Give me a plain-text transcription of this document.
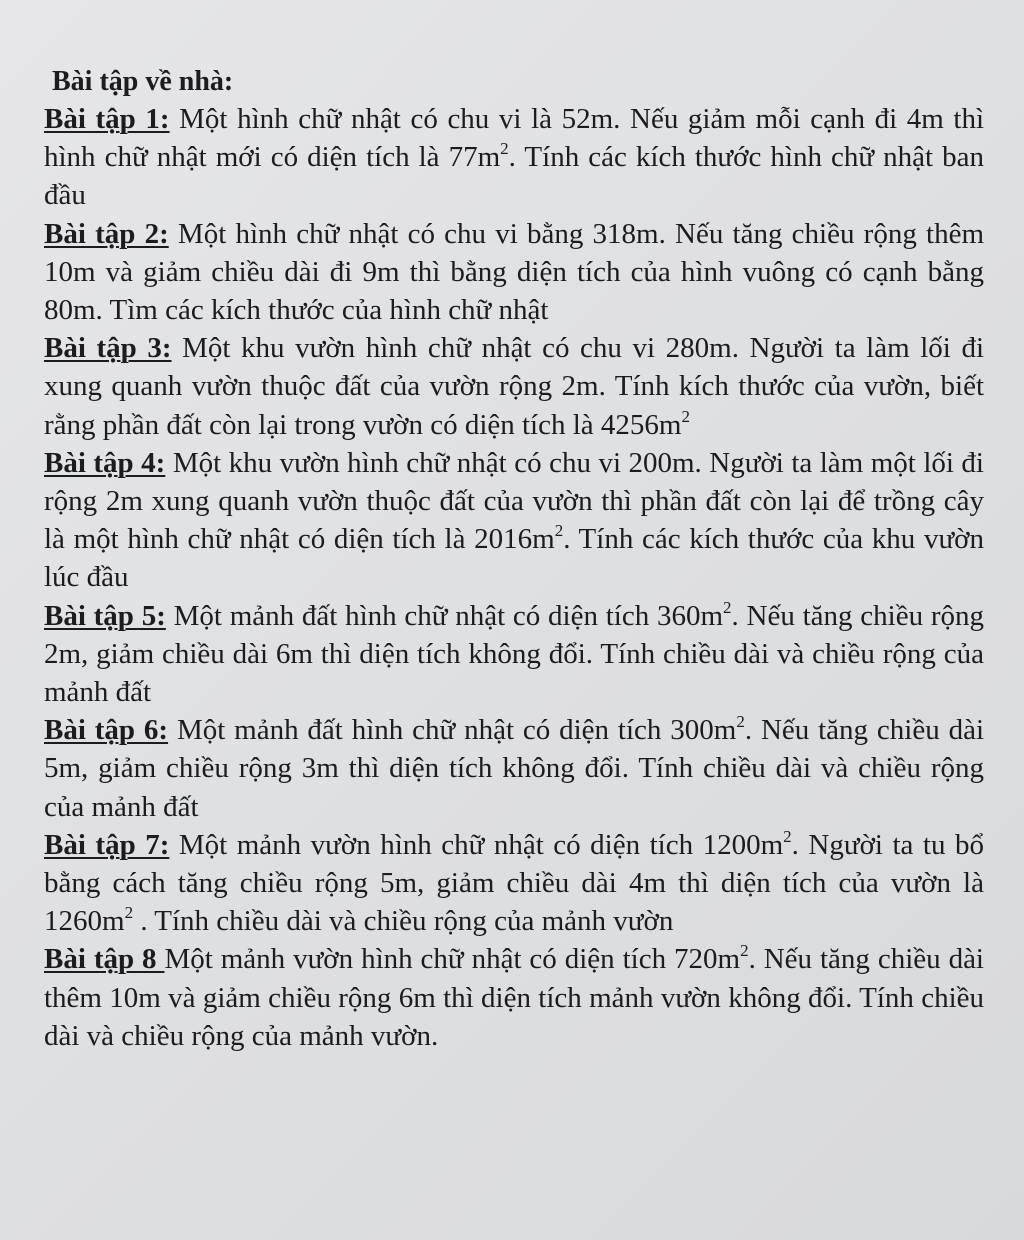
Bài tập về nhà:

Bài tập 1: Một hình chữ nhật có chu vi là 52m. Nếu giảm mỗi cạnh đi 4m thì hình chữ nhật mới có diện tích là $77m^2$. Tính các kích thước hình chữ nhật ban đầu

Bài tập 2: Một hình chữ nhật có chu vi bằng 318m. Nếu tăng chiều rộng thêm 10m và giảm chiều dài đi 9m thì bằng diện tích của hình vuông có cạnh bằng 80m. Tìm các kích thước của hình chữ nhật

Bài tập 3: Một khu vườn hình chữ nhật có chu vi 280m. Người ta làm lối đi xung quanh vườn thuộc đất của vườn rộng 2m. Tính kích thước của vườn, biết rằng phần đất còn lại trong vườn có diện tích là $4256m^2$

Bài tập 4: Một khu vườn hình chữ nhật có chu vi 200m. Người ta làm một lối đi rộng 2m xung quanh vườn thuộc đất của vườn thì phần đất còn lại để trồng cây là một hình chữ nhật có diện tích là $2016m^2$. Tính các kích thước của khu vườn lúc đầu

Bài tập 5: Một mảnh đất hình chữ nhật có diện tích $360m^2$. Nếu tăng chiều rộng 2m, giảm chiều dài 6m thì diện tích không đổi. Tính chiều dài và chiều rộng của mảnh đất

Bài tập 6: Một mảnh đất hình chữ nhật có diện tích $300m^2$. Nếu tăng chiều dài 5m, giảm chiều rộng 3m thì diện tích không đổi. Tính chiều dài và chiều rộng của mảnh đất

Bài tập 7: Một mảnh vườn hình chữ nhật có diện tích $1200m^2$. Người ta tu bổ bằng cách tăng chiều rộng 5m, giảm chiều dài 4m thì diện tích của vườn là $1260m^2$ . Tính chiều dài và chiều rộng của mảnh vườn

Bài tập 8 Một mảnh vườn hình chữ nhật có diện tích $720m^2$. Nếu tăng chiều dài thêm 10m và giảm chiều rộng 6m thì diện tích mảnh vườn không đổi. Tính chiều dài và chiều rộng của mảnh vườn.
